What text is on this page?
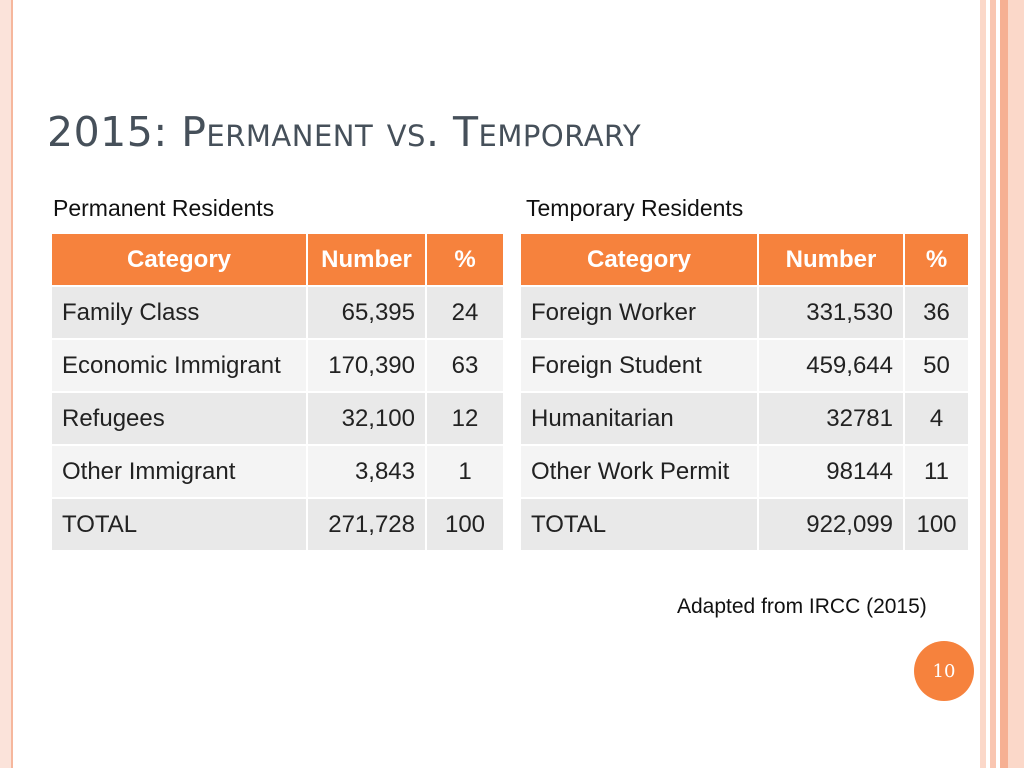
2015: Permanent vs. Temporary
Permanent Residents	Temporary Residents
Category	Number	%
Family Class	65,395	24
Economic Immigrant	170,390	63
Refugees	32,100	12
Other Immigrant	3,843	1
TOTAL	271,728	100
Category	Number	%
Foreign Worker	331,530	36
Foreign Student	459,644	50
Humanitarian	32781	4
Other Work Permit	98144	11
TOTAL	922,099	100
Adapted from IRCC (2015)
10
